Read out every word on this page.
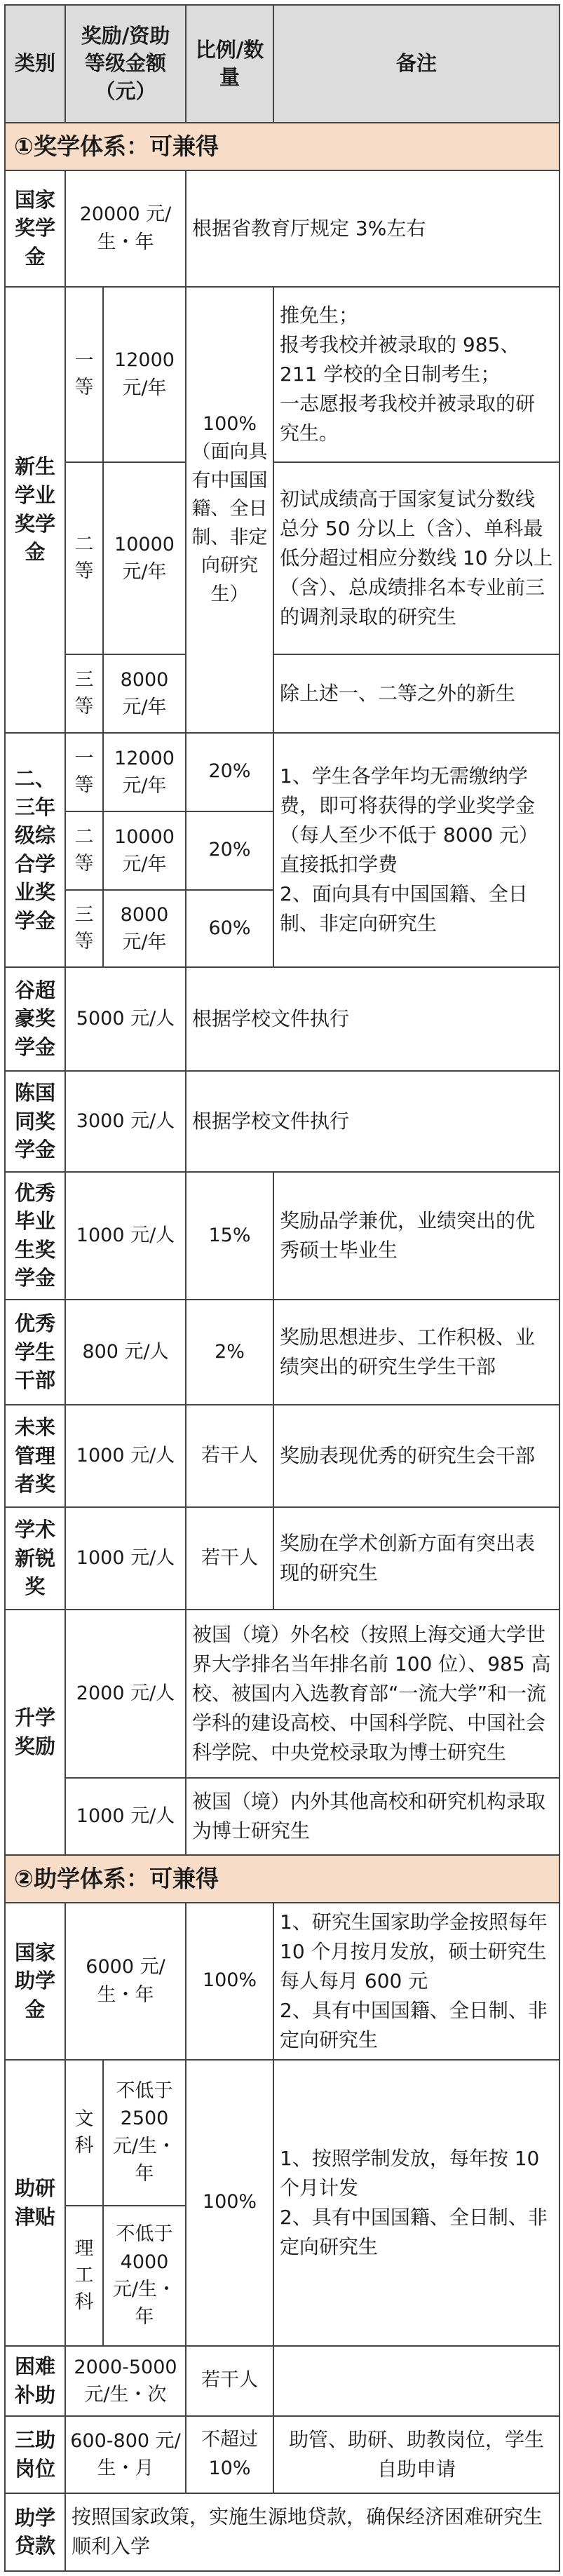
类别	奖励/资助等级金额（元）		比例/数量	备注
①奖学体系：可兼得				
国家奖学金	20000 元/生・年		根据省教育厅规定 3%左右	
新生学业奖学金	一等	12000 元/年	100%（面向具有中国国籍、全日制、非定向研究生）	推免生；

报考我校并被录取的 985、211 学校的全日制考生；

一志愿报考我校并被录取的研究生。

	二等	10000 元/年		初试成绩高于国家复试分数线总分 50 分以上（含）、单科最低分超过相应分数线 10 分以上（含）、总成绩排名本专业前三的调剂录取的研究生

	三等	8000 元/年		除上述一、二等之外的新生

二、三年级综合学业奖学金	一等	12000 元/年	20%	1、学生各学年均无需缴纳学费，即可将获得的学业奖学金（每人至少不低于 8000 元）直接抵扣学费

2、面向具有中国国籍、全日制、非定向研究生

	二等	10000 元/年	20%	
	三等	8000 元/年	60%	
谷超豪奖学金	5000 元/人		根据学校文件执行	
陈国同奖学金	3000 元/人		根据学校文件执行	
优秀毕业生奖学金	1000 元/人		15%	奖励品学兼优，业绩突出的优秀硕士毕业生
优秀学生干部	800 元/人		2%	奖励思想进步、工作积极、业绩突出的研究生学生干部
未来管理者奖	1000 元/人		若干人	奖励表现优秀的研究生会干部
学术新锐奖	1000 元/人		若干人	奖励在学术创新方面有突出表现的研究生
升学奖励	2000 元/人		被国（境）外名校（按照上海交通大学世界大学排名当年排名前 100 位）、985 高校、被国内入选教育部“一流大学”和一流学科的建设高校、中国科学院、中国社会科学院、中央党校录取为博士研究生	
	1000 元/人		被国（境）内外其他高校和研究机构录取为博士研究生	
②助学体系：可兼得				
国家助学金	6000 元/生・年		100%	1、研究生国家助学金按照每年 10 个月按月发放，硕士研究生每人每月 600 元

2、具有中国国籍、全日制、非定向研究生

助研津贴	文科	不低于 2500 元/生・年	100%	1、按照学制发放，每年按 10 个月计发

2、具有中国国籍、全日制、非定向研究生

	理工科	不低于 4000 元/生・年		
困难补助	2000-5000 元/生・次		若干人	
三助岗位	600-800 元/生・月		不超过 10%	助管、助研、助教岗位，学生自助申请
助学贷款	按照国家政策，实施生源地贷款，确保经济困难研究生顺利入学			
